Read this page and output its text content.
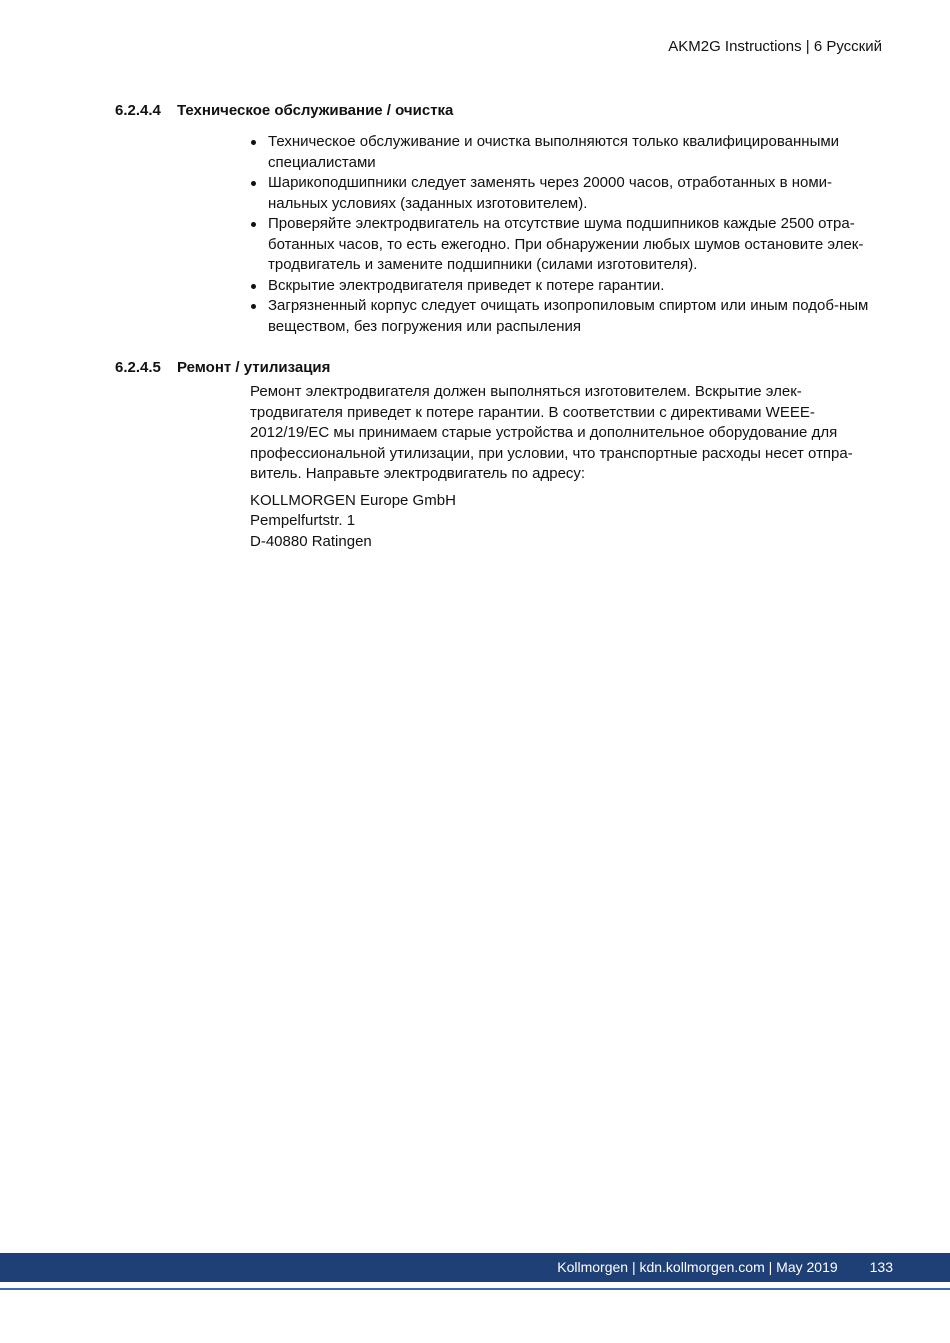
AKM2G Instructions | 6 Русский
6.2.4.4	Техническое обслуживание / очистка
Техническое обслуживание и очистка выполняются только квалифицированными специалистами
Шарикоподшипники следует заменять через 20000 часов, отработанных в номи-нальных условиях (заданных изготовителем).
Проверяйте электродвигатель на отсутствие шума подшипников каждые 2500 отра-ботанных часов, то есть ежегодно. При обнаружении любых шумов остановите элек-тродвигатель и замените подшипники (силами изготовителя).
Вскрытие электродвигателя приведет к потере гарантии.
Загрязненный корпус следует очищать изопропиловым спиртом или иным подоб-ным веществом, без погружения или распыления
6.2.4.5	Ремонт / утилизация

Ремонт электродвигателя должен выполняться изготовителем. Вскрытие элек-тродвигателя приведет к потере гарантии. В соответствии с директивами WEEE-2012/19/EC мы принимаем старые устройства и дополнительное оборудование для профессиональной утилизации, при условии, что транспортные расходы несет отпра-витель. Направьте электродвигатель по адресу:

KOLLMORGEN Europe GmbH
Pempelfurtstr. 1
D-40880 Ratingen
Kollmorgen | kdn.kollmorgen.com | May 2019 133
